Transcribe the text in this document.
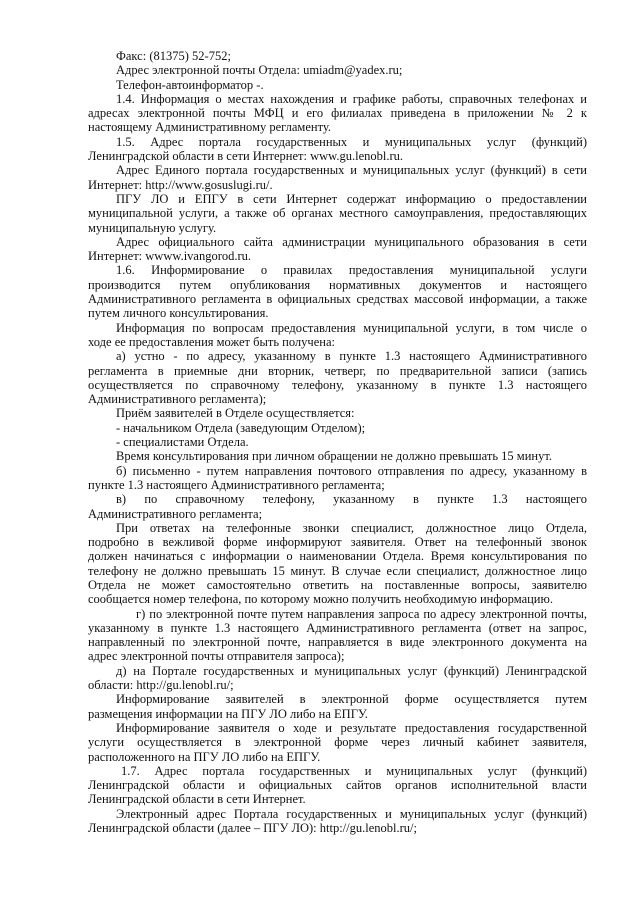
Факс: (81375) 52-752;
Адрес электронной почты Отдела: umiadm@yadex.ru;
Телефон-автоинформатор -.
1.4. Информация о местах нахождения и графике работы, справочных телефонах и
адресах электронной почты МФЦ и его филиалах приведена в приложении № 2 к
настоящему Административному регламенту.
1.5. Адрес портала государственных и муниципальных услуг (функций)
Ленинградской области в сети Интернет: www.gu.lenobl.ru.
Адрес Единого портала государственных и муниципальных услуг (функций) в сети
Интернет: http://www.gosuslugi.ru/.
ПГУ ЛО и ЕПГУ в сети Интернет содержат информацию о предоставлении
муниципальной услуги, а также об органах местного самоуправления, предоставляющих
муниципальную услугу.
Адрес официального сайта администрации муниципального образования в сети
Интернет: wwww.ivangorod.ru.
1.6. Информирование о правилах предоставления муниципальной услуги
производится путем опубликования нормативных документов и настоящего
Административного регламента в официальных средствах массовой информации, а также
путем личного консультирования.
Информация по вопросам предоставления муниципальной услуги, в том числе о
ходе ее предоставления может быть получена:
а) устно - по адресу, указанному в пункте 1.3 настоящего Административного
регламента в приемные дни вторник, четверг, по предварительной записи (запись
осуществляется по справочному телефону, указанному в пункте 1.3 настоящего
Административного регламента);
Приём заявителей в Отделе осуществляется:
- начальником Отдела (заведующим Отделом);
- специалистами Отдела.
Время консультирования при личном обращении не должно превышать 15 минут.
б) письменно - путем направления почтового отправления по адресу, указанному в
пункте 1.3 настоящего Административного регламента;
в) по справочному телефону, указанному в пункте 1.3 настоящего
Административного регламента;
При ответах на телефонные звонки специалист, должностное лицо Отдела,
подробно в вежливой форме информируют заявителя. Ответ на телефонный звонок
должен начинаться с информации о наименовании Отдела. Время консультирования по
телефону не должно превышать 15 минут. В случае если специалист, должностное лицо
Отдела не может самостоятельно ответить на поставленные вопросы, заявителю
сообщается номер телефона, по которому можно получить необходимую информацию.
г) по электронной почте путем направления запроса по адресу электронной почты,
указанному в пункте 1.3 настоящего Административного регламента (ответ на запрос,
направленный по электронной почте, направляется в виде электронного документа на
адрес электронной почты отправителя запроса);
д) на Портале государственных и муниципальных услуг (функций) Ленинградской
области: http://gu.lenobl.ru/;
Информирование заявителей в электронной форме осуществляется путем
размещения информации на ПГУ ЛО либо на ЕПГУ.
Информирование заявителя о ходе и результате предоставления государственной
услуги осуществляется в электронной форме через личный кабинет заявителя,
расположенного на ПГУ ЛО либо на ЕПГУ.
1.7. Адрес портала государственных и муниципальных услуг (функций)
Ленинградской области и официальных сайтов органов исполнительной власти
Ленинградской области в сети Интернет.
Электронный адрес Портала государственных и муниципальных услуг (функций)
Ленинградской области (далее – ПГУ ЛО): http://gu.lenobl.ru/;
